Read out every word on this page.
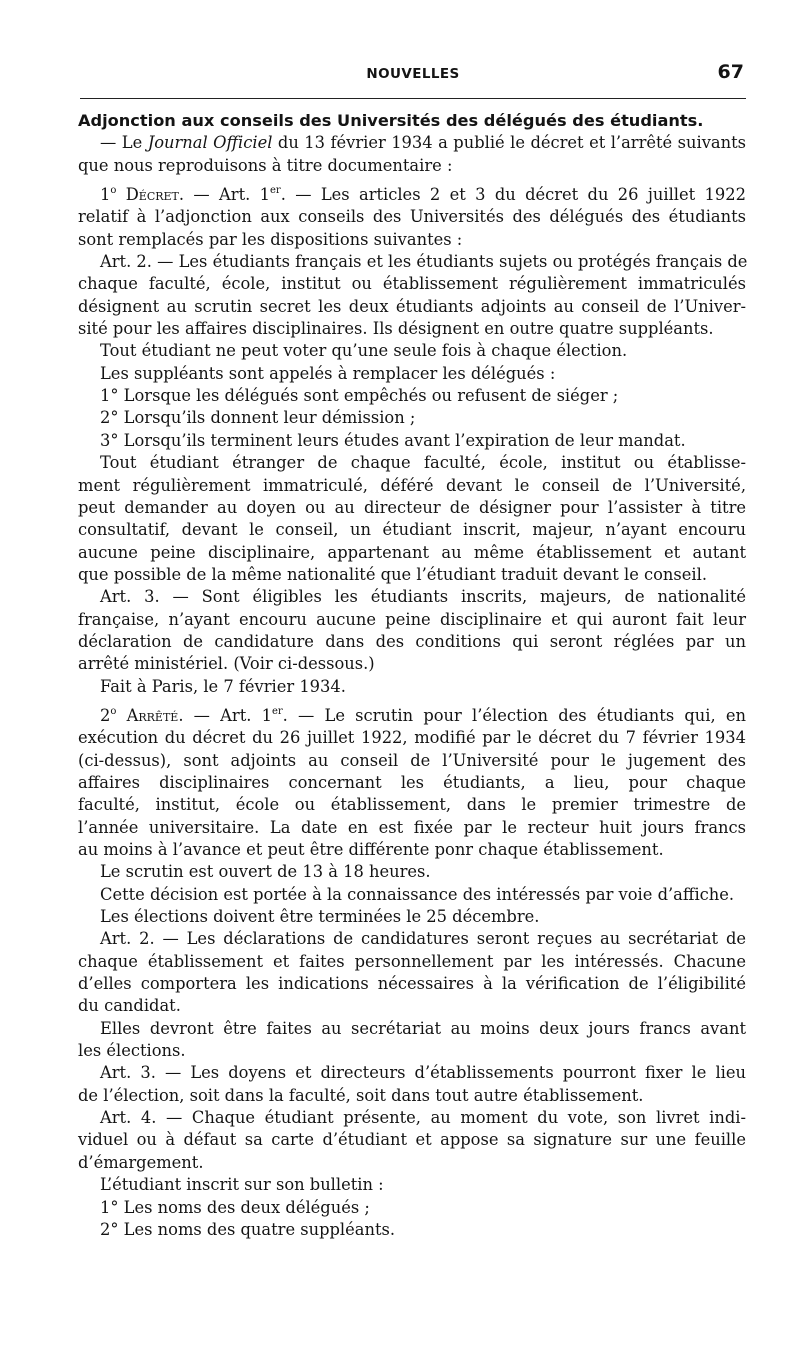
NOUVELLES	67
Adjonction aux conseils des Universités des délégués des étudiants.
— Le Journal Officiel du 13 février 1934 a publié le décret et l’arrêté suivants
que nous reproduisons à titre documentaire :
1$^o$ Décret. — Art. 1er. — Les articles 2 et 3 du décret du 26 juillet 1922
relatif à l’adjonction aux conseils des Universités des délégués des étudiants
sont remplacés par les dispositions suivantes :
Art. 2. — Les étudiants français et les étudiants sujets ou protégés français de
chaque faculté, école, institut ou établissement régulièrement immatriculés
désignent au scrutin secret les deux étudiants adjoints au conseil de l’Univer-
sité pour les affaires disciplinaires. Ils désignent en outre quatre suppléants.
Tout étudiant ne peut voter qu’une seule fois à chaque élection.
Les suppléants sont appelés à remplacer les délégués :
1° Lorsque les délégués sont empêchés ou refusent de siéger ;
2° Lorsqu’ils donnent leur démission ;
3° Lorsqu’ils terminent leurs études avant l’expiration de leur mandat.
Tout étudiant étranger de chaque faculté, école, institut ou établisse-
ment régulièrement immatriculé, déféré devant le conseil de l’Université,
peut demander au doyen ou au directeur de désigner pour l’assister à titre
consultatif, devant le conseil, un étudiant inscrit, majeur, n’ayant encouru
aucune peine disciplinaire, appartenant au même établissement et autant
que possible de la même nationalité que l’étudiant traduit devant le conseil.
Art. 3. — Sont éligibles les étudiants inscrits, majeurs, de nationalité
française, n’ayant encouru aucune peine disciplinaire et qui auront fait leur
déclaration de candidature dans des conditions qui seront réglées par un
arrêté ministériel. (Voir ci-dessous.)
Fait à Paris, le 7 février 1934.
2$^o$ Arrêté. — Art. 1er. — Le scrutin pour l’élection des étudiants qui, en
exécution du décret du 26 juillet 1922, modifié par le décret du 7 février 1934
(ci-dessus), sont adjoints au conseil de l’Université pour le jugement des
affaires disciplinaires concernant les étudiants, a lieu, pour chaque
faculté, institut, école ou établissement, dans le premier trimestre de
l’année universitaire. La date en est fixée par le recteur huit jours francs
au moins à l’avance et peut être différente ponr chaque établissement.
Le scrutin est ouvert de 13 à 18 heures.
Cette décision est portée à la connaissance des intéressés par voie d’affiche.
Les élections doivent être terminées le 25 décembre.
Art. 2. — Les déclarations de candidatures seront reçues au secrétariat de
chaque établissement et faites personnellement par les intéressés. Chacune
d’elles comportera les indications nécessaires à la vérification de l’éligibilité
du candidat.
Elles devront être faites au secrétariat au moins deux jours francs avant
les élections.
Art. 3. — Les doyens et directeurs d’établissements pourront fixer le lieu
de l’élection, soit dans la faculté, soit dans tout autre établissement.
Art. 4. — Chaque étudiant présente, au moment du vote, son livret indi-
viduel ou à défaut sa carte d’étudiant et appose sa signature sur une feuille
d’émargement.
L’étudiant inscrit sur son bulletin :
1° Les noms des deux délégués ;
2° Les noms des quatre suppléants.
